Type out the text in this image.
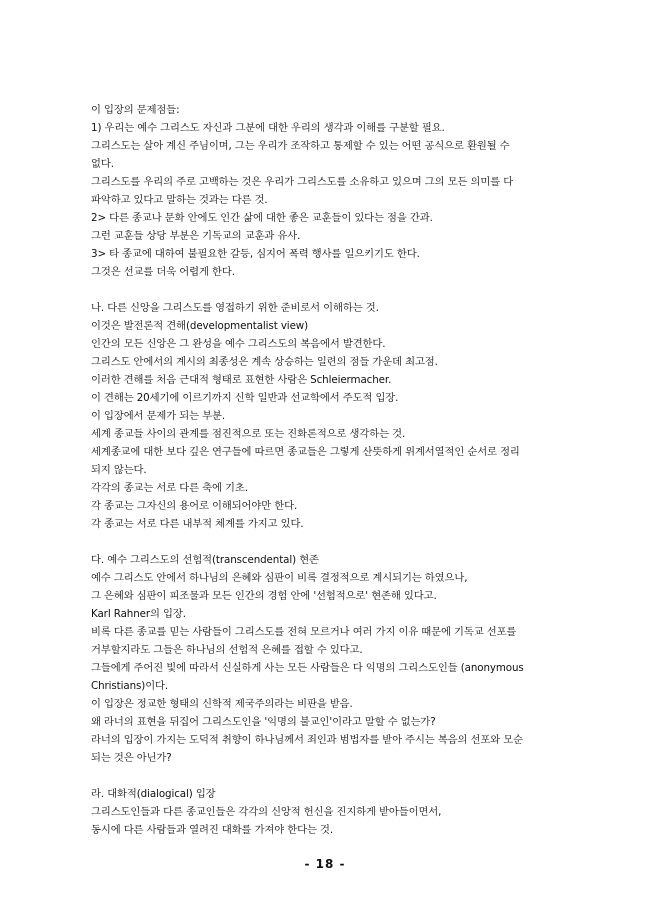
이 입장의 문제점들:
1) 우리는 예수 그리스도 자신과 그분에 대한 우리의 생각과 이해를 구분할 필요.
그리스도는 살아 계신 주님이며, 그는 우리가 조작하고 통제할 수 있는 어떤 공식으로 환원될 수
없다.
그리스도를 우리의 주로 고백하는 것은 우리가 그리스도를 소유하고 있으며 그의 모든 의미를 다
파악하고 있다고 말하는 것과는 다른 것.
2> 다른 종교나 문화 안에도 인간 삶에 대한 좋은 교훈들이 있다는 점을 간과.
그런 교훈들 상당 부분은 기독교의 교훈과 유사.
3> 타 종교에 대하여 불필요한 갈등, 심지어 폭력 행사를 일으키기도 한다.
그것은 선교를 더욱 어렵게 한다.
나. 다른 신앙을 그리스도를 영접하기 위한 준비로서 이해하는 것.
이것은 발전론적 견해(developmentalist view)
인간의 모든 신앙은 그 완성을 예수 그리스도의 복음에서 발견한다.
그리스도 안에서의 계시의 최종성은 계속 상승하는 일련의 점들 가운데 최고점.
이러한 견해를 처음 근대적 형태로 표현한 사람은 Schleiermacher.
이 견해는 20세기에 이르기까지 신학 일반과 선교학에서 주도적 입장.
이 입장에서 문제가 되는 부분.
세계 종교들 사이의 관계를 점진적으로 또는 진화론적으로 생각하는 것.
세계종교에 대한 보다 깊은 연구들에 따르면 종교들은 그렇게 산뜻하게 위계서열적인 순서로 정리
되지 않는다.
각각의 종교는 서로 다른 축에 기초.
각 종교는 그자신의 용어로 이해되어야만 한다.
각 종교는 서로 다른 내부적 체계를 가지고 있다.
다. 예수 그리스도의 선험적(transcendental) 현존
예수 그리스도 안에서 하나님의 은혜와 심판이 비록 결정적으로 계시되기는 하였으나,
그 은혜와 심판이 피조물과 모든 인간의 경험 안에 '선험적으로' 현존해 있다고.
Karl Rahner의 입장.
비록 다른 종교를 믿는 사람들이 그리스도를 전혀 모르거나 여러 가지 이유 때문에 기독교 선포를
거부할지라도 그들은 하나님의 선험적 은혜를 접할 수 있다고.
그들에게 주어진 빛에 따라서 신실하게 사는 모든 사람들은 다 익명의 그리스도인들 (anonymous
Christians)이다.
이 입장은 정교한 형태의 신학적 제국주의라는 비판을 받음.
왜 라너의 표현을 뒤집어 그리스도인을 '익명의 불교인'이라고 말할 수 없는가?
라너의 입장이 가지는 도덕적 취향이 하나님께서 죄인과 범법자를 받아 주시는 복음의 선포와 모순
되는 것은 아닌가?
라. 대화적(dialogical) 입장
그리스도인들과 다른 종교인들은 각각의 신앙적 헌신을 진지하게 받아들이면서,
동시에 다른 사람들과 열려진 대화를 가져야 한다는 것.
- 18 -
